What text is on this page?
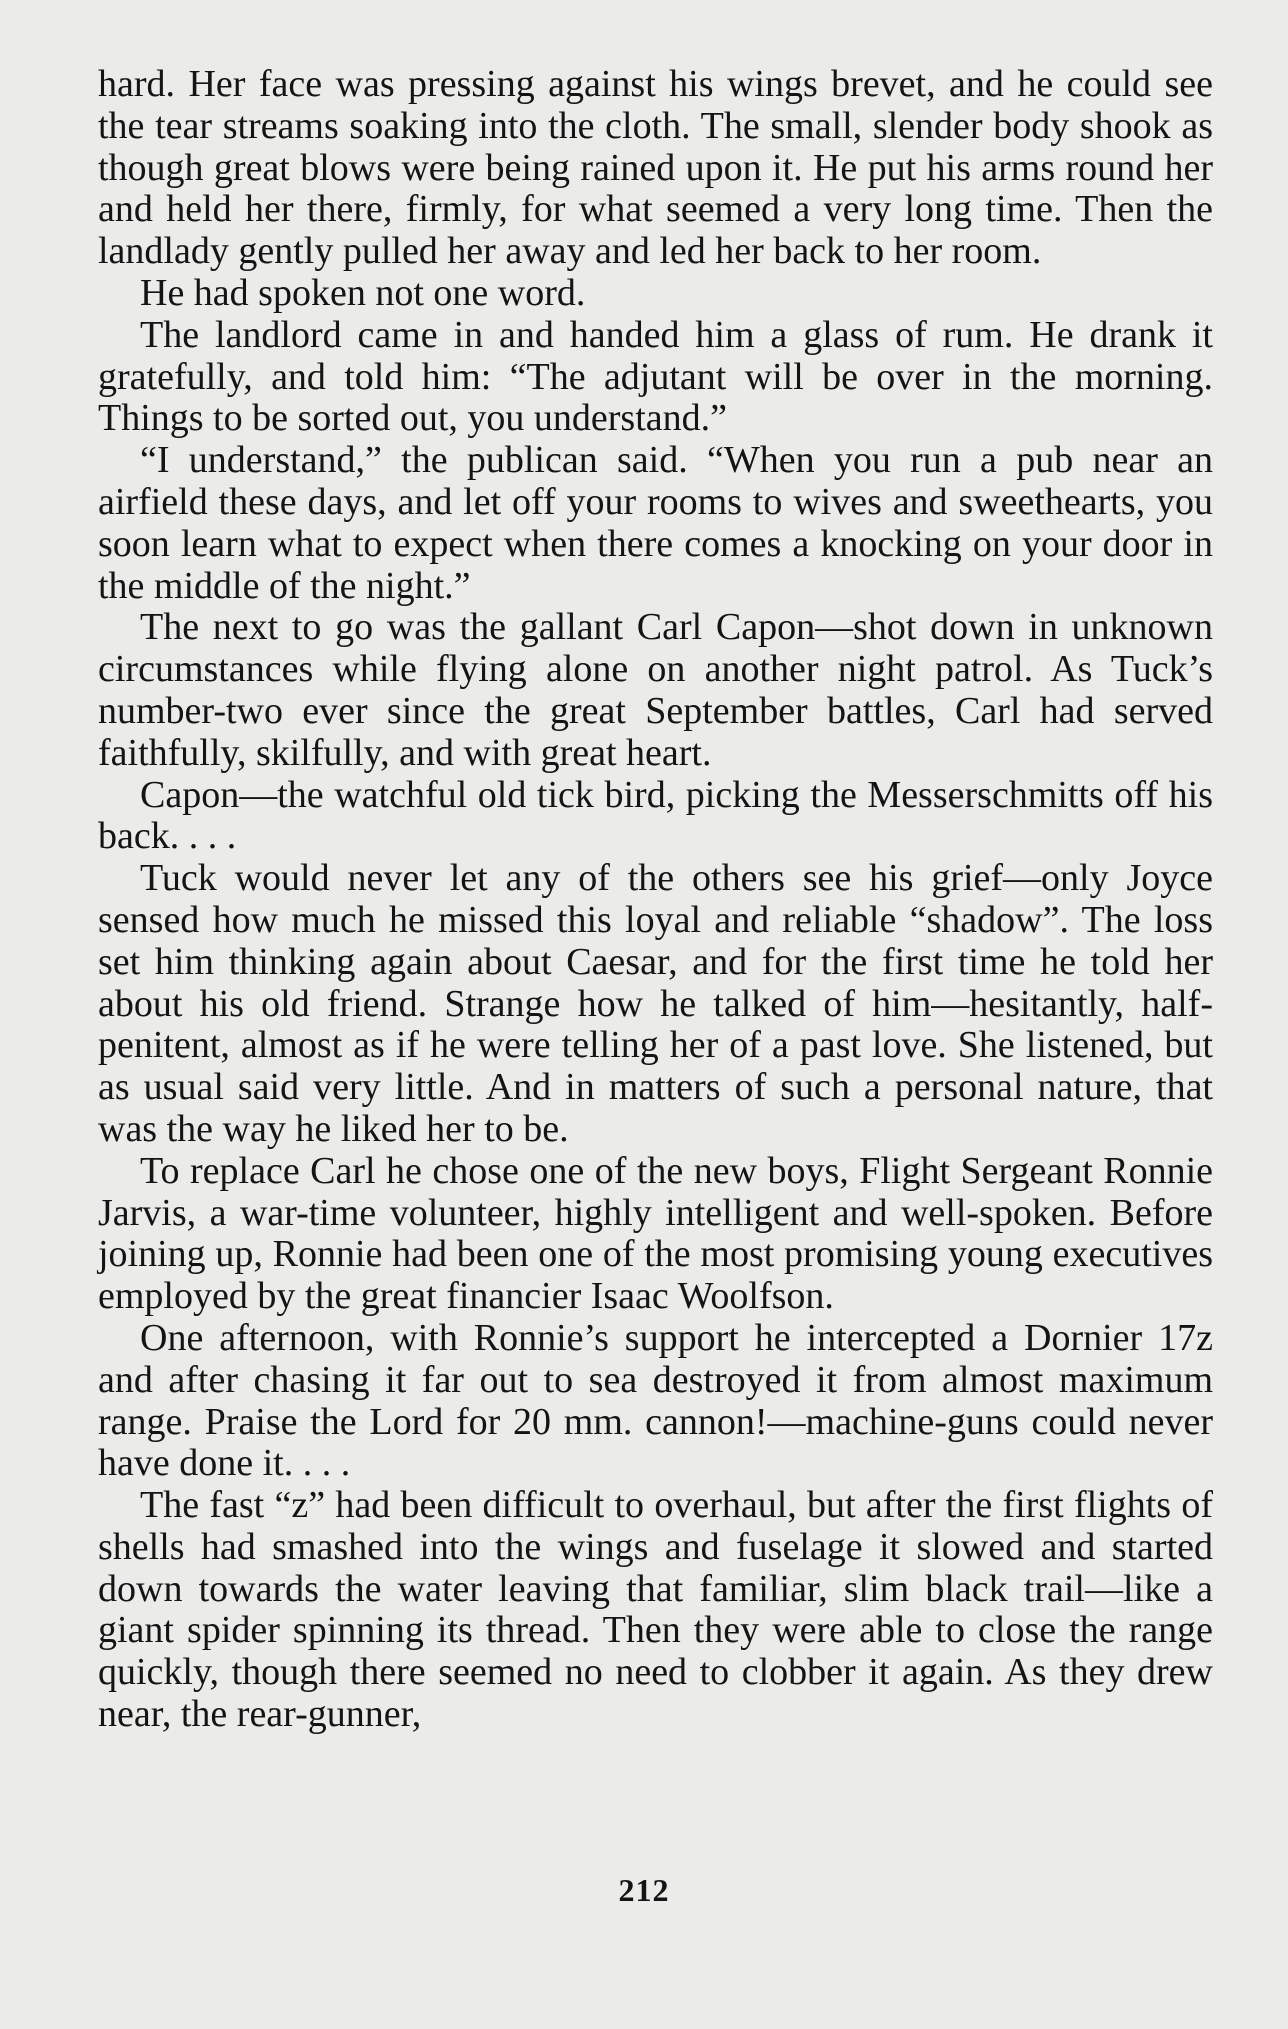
hard. Her face was pressing against his wings brevet, and he could see the tear streams soaking into the cloth. The small, slender body shook as though great blows were being rained upon it. He put his arms round her and held her there, firmly, for what seemed a very long time. Then the landlady gently pulled her away and led her back to her room.

He had spoken not one word.

The landlord came in and handed him a glass of rum. He drank it gratefully, and told him: “The adjutant will be over in the morning. Things to be sorted out, you understand.”

“I understand,” the publican said. “When you run a pub near an airfield these days, and let off your rooms to wives and sweethearts, you soon learn what to expect when there comes a knocking on your door in the middle of the night.”

The next to go was the gallant Carl Capon—shot down in unknown circumstances while flying alone on another night patrol. As Tuck’s number-two ever since the great September battles, Carl had served faithfully, skilfully, and with great heart.

Capon—the watchful old tick bird, picking the Messerschmitts off his back. . . .

Tuck would never let any of the others see his grief—only Joyce sensed how much he missed this loyal and reliable “shadow”. The loss set him thinking again about Caesar, and for the first time he told her about his old friend. Strange how he talked of him—hesitantly, half-penitent, almost as if he were telling her of a past love. She listened, but as usual said very little. And in matters of such a personal nature, that was the way he liked her to be.

To replace Carl he chose one of the new boys, Flight Sergeant Ronnie Jarvis, a war-time volunteer, highly intelligent and well-spoken. Before joining up, Ronnie had been one of the most promising young executives employed by the great financier Isaac Woolfson.

One afternoon, with Ronnie’s support he intercepted a Dornier 17z and after chasing it far out to sea destroyed it from almost maximum range. Praise the Lord for 20 mm. cannon!—machine-guns could never have done it. . . .

The fast “z” had been difficult to overhaul, but after the first flights of shells had smashed into the wings and fuselage it slowed and started down towards the water leaving that familiar, slim black trail—like a giant spider spinning its thread. Then they were able to close the range quickly, though there seemed no need to clobber it again. As they drew near, the rear-gunner,

212
